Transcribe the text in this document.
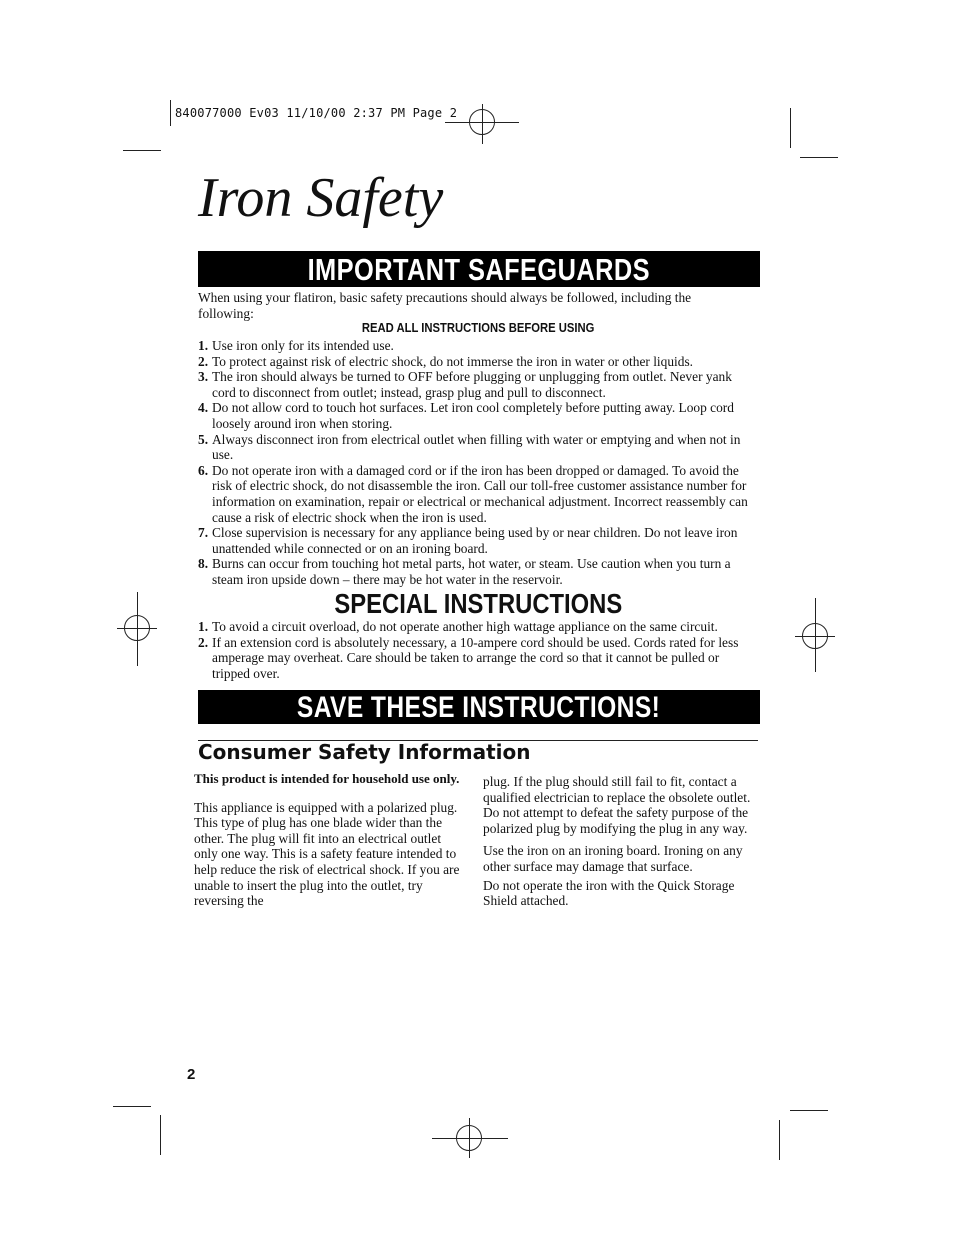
840077000 Ev03 11/10/00 2:37 PM Page 2
Iron Safety
IMPORTANT SAFEGUARDS
When using your flatiron, basic safety precautions should always be followed, including the following:
READ ALL INSTRUCTIONS BEFORE USING
1. Use iron only for its intended use.
2. To protect against risk of electric shock, do not immerse the iron in water or other liquids.
3. The iron should always be turned to OFF before plugging or unplugging from outlet. Never yank cord to disconnect from outlet; instead, grasp plug and pull to disconnect.
4. Do not allow cord to touch hot surfaces. Let iron cool completely before putting away. Loop cord loosely around iron when storing.
5. Always disconnect iron from electrical outlet when filling with water or emptying and when not in use.
6. Do not operate iron with a damaged cord or if the iron has been dropped or damaged. To avoid the risk of electric shock, do not disassemble the iron. Call our toll-free customer assistance number for information on examination, repair or electrical or mechanical adjustment. Incorrect reassembly can cause a risk of electric shock when the iron is used.
7. Close supervision is necessary for any appliance being used by or near children. Do not leave iron unattended while connected or on an ironing board.
8. Burns can occur from touching hot metal parts, hot water, or steam. Use caution when you turn a steam iron upside down – there may be hot water in the reservoir.
SPECIAL INSTRUCTIONS
1. To avoid a circuit overload, do not operate another high wattage appliance on the same circuit.
2. If an extension cord is absolutely necessary, a 10-ampere cord should be used. Cords rated for less amperage may overheat. Care should be taken to arrange the cord so that it cannot be pulled or tripped over.
SAVE THESE INSTRUCTIONS!
Consumer Safety Information

This product is intended for household use only.

This appliance is equipped with a polarized plug. This type of plug has one blade wider than the other. The plug will fit into an electrical outlet only one way. This is a safety feature intended to help reduce the risk of electrical shock. If you are unable to insert the plug into the outlet, try reversing the

plug. If the plug should still fail to fit, contact a qualified electrician to replace the obsolete outlet. Do not attempt to defeat the safety purpose of the polarized plug by modifying the plug in any way.

Use the iron on an ironing board. Ironing on any other surface may damage that surface.

Do not operate the iron with the Quick Storage Shield attached.

2
